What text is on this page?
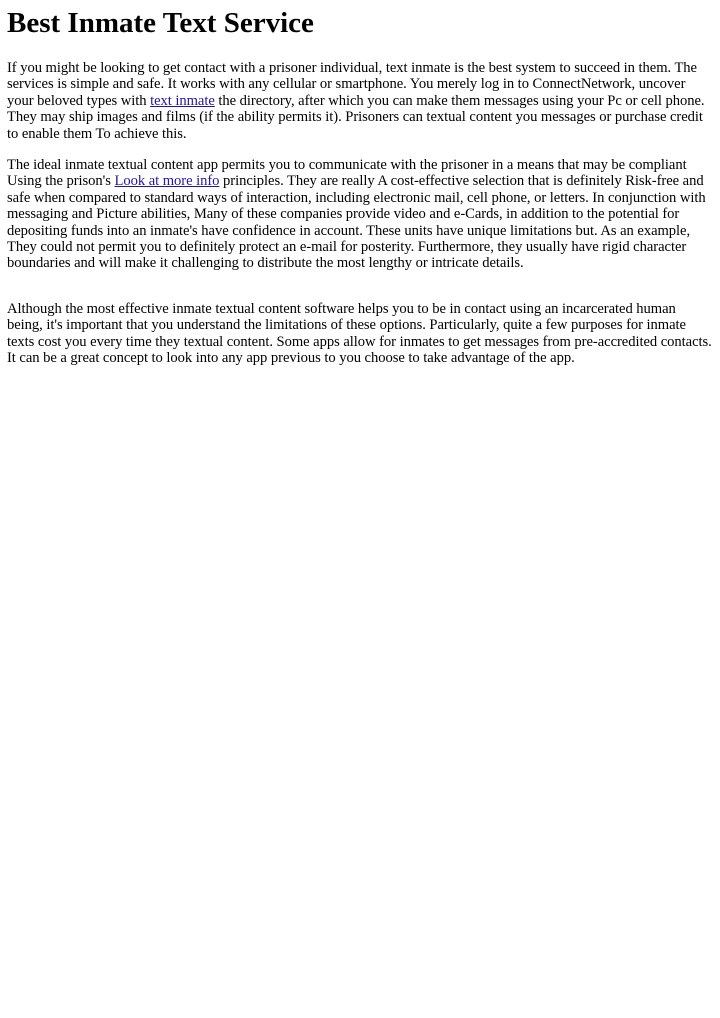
Best Inmate Text Service

If you might be looking to get contact with a prisoner individual, text inmate is the best system to succeed in them. The services is simple and safe. It works with any cellular or smartphone. You merely log in to ConnectNetwork, uncover your beloved types with text inmate the directory, after which you can make them messages using your Pc or cell phone. They may ship images and films (if the ability permits it). Prisoners can textual content you messages or purchase credit to enable them To achieve this.

The ideal inmate textual content app permits you to communicate with the prisoner in a means that may be compliant Using the prison's Look at more info principles. They are really A cost-effective selection that is definitely Risk-free and safe when compared to standard ways of interaction, including electronic mail, cell phone, or letters. In conjunction with messaging and Picture abilities, Many of these companies provide video and e-Cards, in addition to the potential for depositing funds into an inmate's have confidence in account. These units have unique limitations but. As an example, They could not permit you to definitely protect an e-mail for posterity. Furthermore, they usually have rigid character boundaries and will make it challenging to distribute the most lengthy or intricate details.

Although the most effective inmate textual content software helps you to be in contact using an incarcerated human being, it's important that you understand the limitations of these options. Particularly, quite a few purposes for inmate texts cost you every time they textual content. Some apps allow for inmates to get messages from pre-accredited contacts. It can be a great concept to look into any app previous to you choose to take advantage of the app.
